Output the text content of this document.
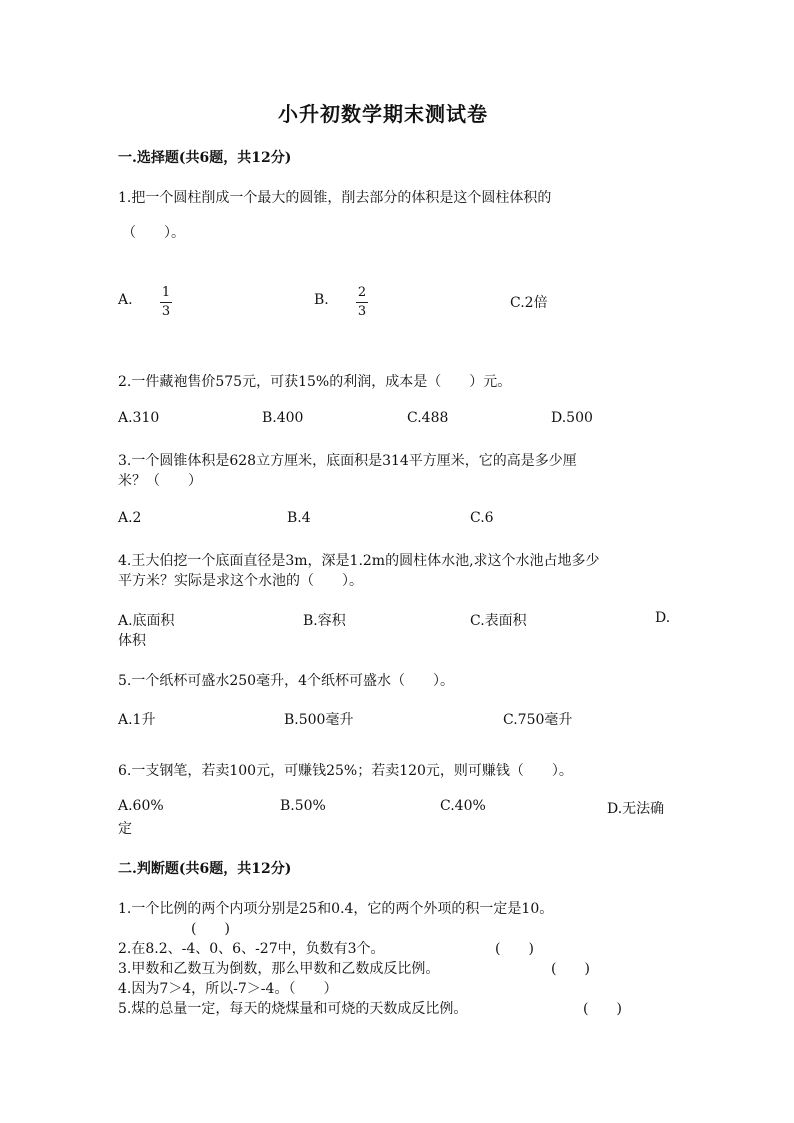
小升初数学期末测试卷
一.选择题(共6题，共12分)
1.把一个圆柱削成一个最大的圆锥，削去部分的体积是这个圆柱体积的
（　　）。
A. 1
3
B. 2
3
C.2倍
2.一件藏袍售价575元，可获15%的利润，成本是（　　）元。
A.310	B.400	C.488	D.500
3.一个圆锥体积是628立方厘米，底面积是314平方厘米，它的高是多少厘
米？（　　）
A.2	B.4	C.6
4.王大伯挖一个底面直径是3m，深是1.2m的圆柱体水池,求这个水池占地多少
平方米？实际是求这个水池的（　　）。
A.底面积	B.容积	C.表面积	D.
体积
5.一个纸杯可盛水250毫升，4个纸杯可盛水（　　）。
A.1升	B.500毫升	C.750毫升
6.一支钢笔，若卖100元，可赚钱25%；若卖120元，则可赚钱（　　）。
A.60%	B.50%	C.40%	D.无法确
定
二.判断题(共6题，共12分)
1.一个比例的两个内项分别是25和0.4，它的两个外项的积一定是10。
(　　)
2.在8.2、-4、0、6、-27中，负数有3个。	(　　)
3.甲数和乙数互为倒数，那么甲数和乙数成反比例。	(　　)
4.因为7＞4，所以-7＞-4。（　　）
5.煤的总量一定，每天的烧煤量和可烧的天数成反比例。	(　　)
